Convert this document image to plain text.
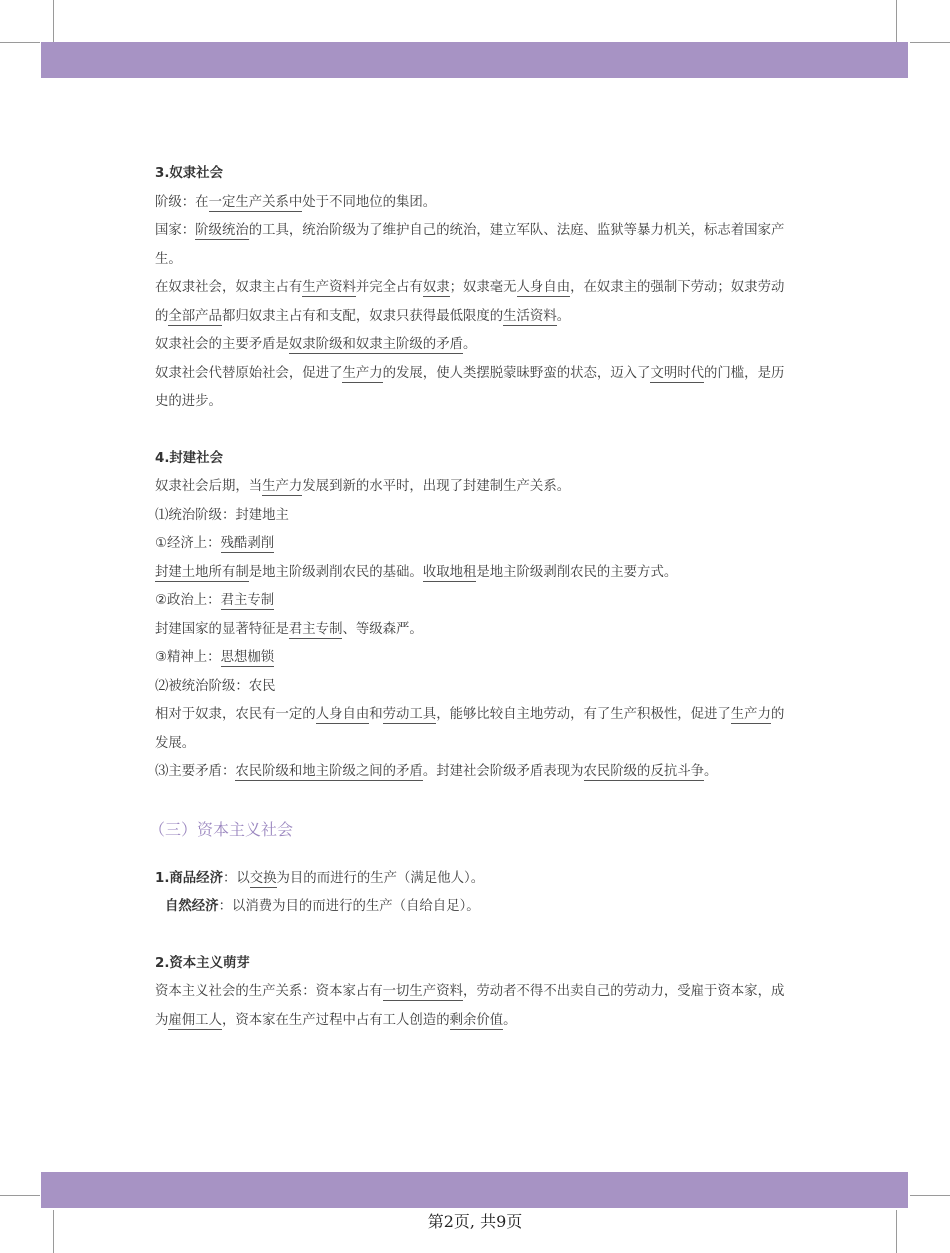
3.奴隶社会
阶级：在一定生产关系中处于不同地位的集团。
国家：阶级统治的工具，统治阶级为了维护自己的统治，建立军队、法庭、监狱等暴力机关，标志着国家产
生。
在奴隶社会，奴隶主占有生产资料并完全占有奴隶；奴隶毫无人身自由，在奴隶主的强制下劳动；奴隶劳动
的全部产品都归奴隶主占有和支配，奴隶只获得最低限度的生活资料。
奴隶社会的主要矛盾是奴隶阶级和奴隶主阶级的矛盾。
奴隶社会代替原始社会，促进了生产力的发展，使人类摆脱蒙昧野蛮的状态，迈入了文明时代的门槛，是历
史的进步。
4.封建社会
奴隶社会后期，当生产力发展到新的水平时，出现了封建制生产关系。
⑴统治阶级：封建地主
①经济上：残酷剥削
封建土地所有制是地主阶级剥削农民的基础。收取地租是地主阶级剥削农民的主要方式。
②政治上：君主专制
封建国家的显著特征是君主专制、等级森严。
③精神上：思想枷锁
⑵被统治阶级：农民
相对于奴隶，农民有一定的人身自由和劳动工具，能够比较自主地劳动，有了生产积极性，促进了生产力的
发展。
⑶主要矛盾：农民阶级和地主阶级之间的矛盾。封建社会阶级矛盾表现为农民阶级的反抗斗争。
（三）资本主义社会
1.商品经济：以交换为目的而进行的生产（满足他人）。
自然经济：以消费为目的而进行的生产（自给自足）。
2.资本主义萌芽
资本主义社会的生产关系：资本家占有一切生产资料，劳动者不得不出卖自己的劳动力，受雇于资本家，成
为雇佣工人，资本家在生产过程中占有工人创造的剩余价值。
第2页, 共9页
